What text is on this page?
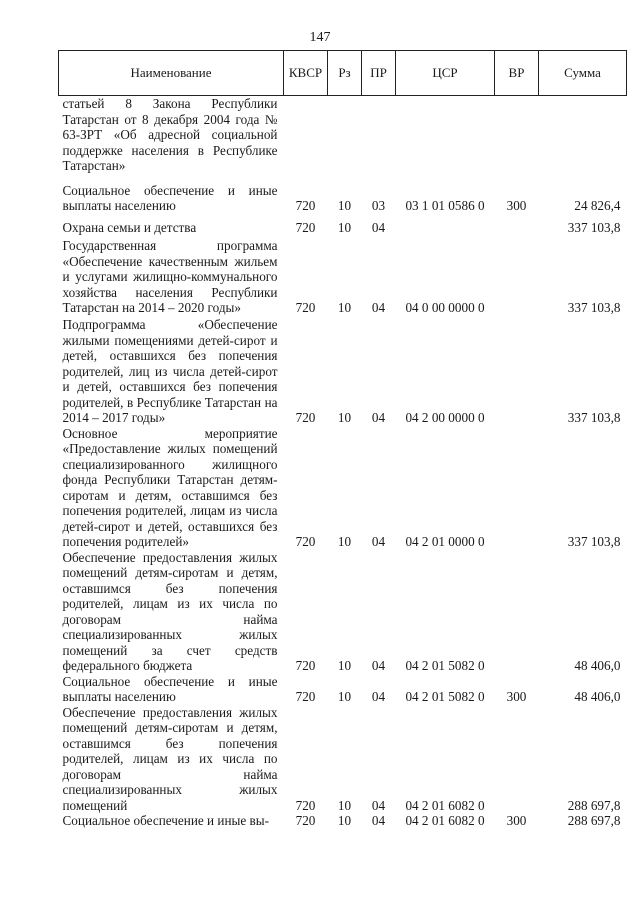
147
Наименование	КВСР	Рз	ПР	ЦСР	ВР	Сумма
статьей 8 Закона Республики Татарстан от 8 декабря 2004 года № 63-ЗРТ «Об адресной социальной поддержке населения в Республике Татарстан»						
Социальное обеспечение и иные выплаты населению	720	10	03	03 1 01 0586 0	300	24 826,4
Охрана семьи и детства	720	10	04			337 103,8
Государственная программа «Обеспечение качественным жильем и услугами жилищно-коммунального хозяйства населения Республики Татарстан на 2014 – 2020 годы»	720	10	04	04 0 00 0000 0		337 103,8
Подпрограмма «Обеспечение жилыми помещениями детей-сирот и детей, оставшихся без попечения родителей, лиц из числа детей-сирот и детей, оставшихся без попечения родителей, в Республике Татарстан на 2014 – 2017 годы»	720	10	04	04 2 00 0000 0		337 103,8
Основное мероприятие «Предоставление жилых помещений специализированного жилищного фонда Республики Татарстан детям-сиротам и детям, оставшимся без попечения родителей, лицам из числа детей-сирот и детей, оставшихся без попечения родителей»	720	10	04	04 2 01 0000 0		337 103,8
Обеспечение предоставления жилых помещений детям-сиротам и детям, оставшимся без попечения родителей, лицам из их числа по договорам найма специализированных жилых помещений за счет средств федерального бюджета	720	10	04	04 2 01 5082 0		48 406,0
Социальное обеспечение и иные выплаты населению	720	10	04	04 2 01 5082 0	300	48 406,0
Обеспечение предоставления жилых помещений детям-сиротам и детям, оставшимся без попечения родителей, лицам из их числа по договорам найма специализированных жилых помещений	720	10	04	04 2 01 6082 0		288 697,8
Социальное обеспечение и иные вы-	720	10	04	04 2 01 6082 0	300	288 697,8
